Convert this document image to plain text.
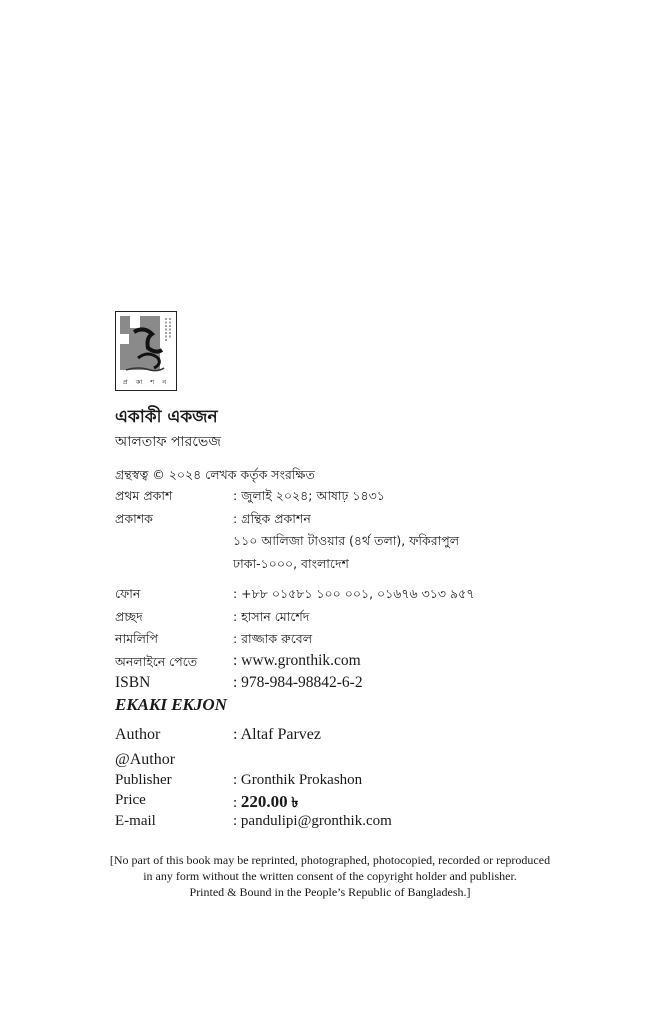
প্র কা শ ন
একাকী একজন
আলতাফ পারভেজ
গ্রন্থস্বত্ব © ২০২৪ লেখক কর্তৃক সংরক্ষিত
প্রথম প্রকাশ	: জুলাই ২০২৪; আষাঢ় ১৪৩১
প্রকাশক	: গ্রন্থিক প্রকাশন
১১০ আলিজা টাওয়ার (৪র্থ তলা), ফকিরাপুল
ঢাকা-১০০০, বাংলাদেশ
ফোন	: +৮৮ ০১৫৮১ ১০০ ০০১, ০১৬৭৬ ৩১৩ ৯৫৭
প্রচ্ছদ	: হাসান মোর্শেদ
নামলিপি	: রাজ্জাক রুবেল
অনলাইনে পেতে : www.gronthik.com
ISBN	: 978-984-98842-6-2
EKAKI EKJON
Author	: Altaf Parvez
@Author
Publisher	: Gronthik Prokashon
Price	: 220.00 ৳
E-mail	: pandulipi@gronthik.com
[No part of this book may be reprinted, photographed, photocopied, recorded or reproduced
in any form without the written consent of the copyright holder and publisher.
Printed & Bound in the People’s Republic of Bangladesh.]
